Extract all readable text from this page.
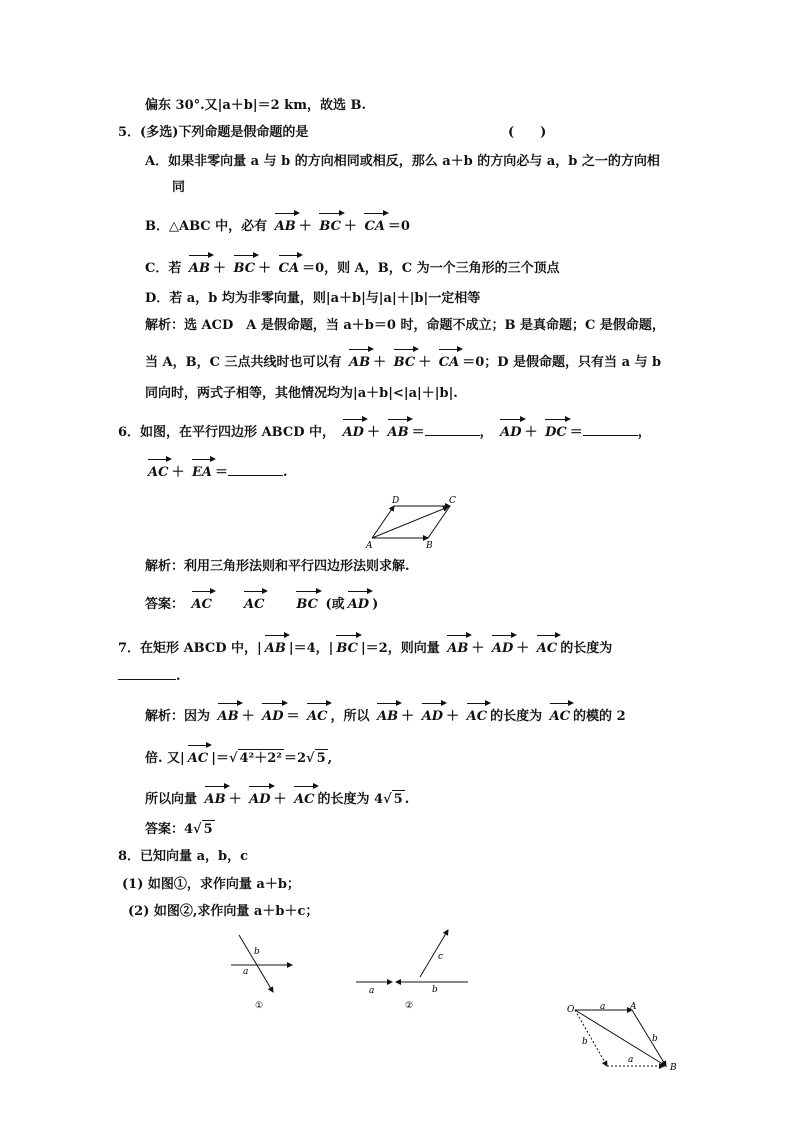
偏东 30°.又|a＋b|＝2 km，故选 B.
5．(多选)下列命题是假命题的是	(　　)
A．如果非零向量 a 与 b 的方向相同或相反，那么 a＋b 的方向必与 a，b 之一的方向相
同
B．△ABC 中，必有 AB ＋ BC ＋ CA ＝0
C．若 AB ＋ BC ＋ CA ＝0，则 A，B，C 为一个三角形的三个顶点
D．若 a，b 均为非零向量，则|a＋b|与|a|＋|b|一定相等
解析：选 ACD　A 是假命题，当 a＋b＝0 时，命题不成立；B 是真命题；C 是假命题，
当 A，B，C 三点共线时也可以有 AB ＋ BC ＋ CA ＝0；D 是假命题，只有当 a 与 b
同向时，两式子相等，其他情况均为|a＋b|<|a|＋|b|.
6．如图，在平行四边形 ABCD 中， AD ＋ AB ＝	， AD ＋ DC ＝	，
AC ＋ EA ＝	.
D	C
A	B
解析：利用三角形法则和平行四边形法则求解.
答案： AC   AC   BC (或 AD )
7．在矩形 ABCD 中，| AB |＝4，| BC |＝2，则向量 AB ＋ AD ＋ AC 的长度为
.
解析：因为 AB ＋ AD ＝ AC ，所以 AB ＋ AD ＋ AC 的长度为 AC 的模的 2
倍. 又| AC |＝√ 4²＋2² ＝2√ 5 ,
所以向量 AB ＋ AD ＋ AC 的长度为 4√ 5 .
答案：4√ 5
8．已知向量 a，b，c
(1) 如图①，求作向量 a＋b；
(2) 如图②,求作向量 a＋b＋c；
b
a
①
a	b
c
②	O	A
B
a
b
b
a
